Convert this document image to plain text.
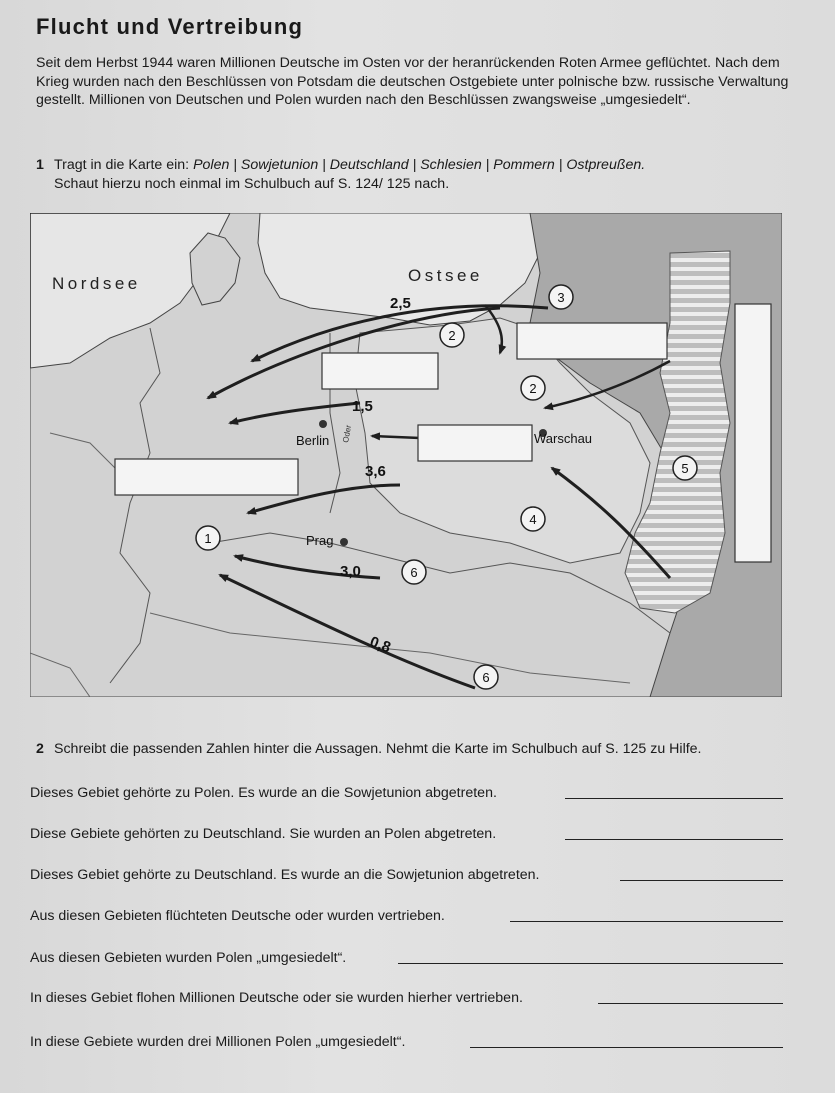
Flucht und Vertreibung
Seit dem Herbst 1944 waren Millionen Deutsche im Osten vor der heranrückenden Roten Armee geflüchtet. Nach dem Krieg wurden nach den Beschlüssen von Potsdam die deutschen Ostgebiete unter polnische bzw. russische Verwaltung gestellt. Millionen von Deutschen und Polen wurden nach den Beschlüssen zwangsweise „umgesiedelt“.
1 Tragt in die Karte ein: Polen | Sowjetunion | Deutschland | Schlesien | Pommern | Ostpreußen.
Schaut hierzu noch einmal im Schulbuch auf S. 124/ 125 nach.
Nordsee	Ostsee
2,5
1,5
3,6
3,0
0,8
Berlin	Warschau
Prag
Oder
1
2
2
3
4
5
6
6
2 Schreibt die passenden Zahlen hinter die Aussagen. Nehmt die Karte im Schulbuch auf S. 125 zu Hilfe.
Dieses Gebiet gehörte zu Polen. Es wurde an die Sowjetunion abgetreten.
Diese Gebiete gehörten zu Deutschland. Sie wurden an Polen abgetreten.
Dieses Gebiet gehörte zu Deutschland. Es wurde an die Sowjetunion abgetreten.
Aus diesen Gebieten flüchteten Deutsche oder wurden vertrieben.
Aus diesen Gebieten wurden Polen „umgesiedelt“.
In dieses Gebiet flohen Millionen Deutsche oder sie wurden hierher vertrieben.
In diese Gebiete wurden drei Millionen Polen „umgesiedelt“.
